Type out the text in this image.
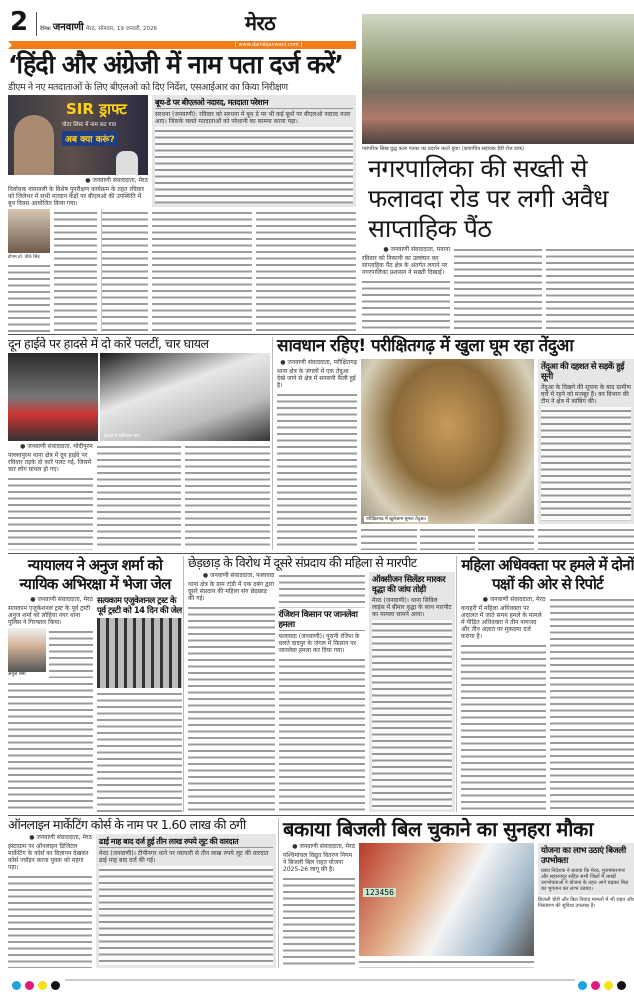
2 दैनिक जनवाणी मेरठ, सोमवार, 19 जनवरी, 2026	मेरठ
[ www.dainikjanwani.com ]
‘हिंदी और अंग्रेजी में नाम पता दर्ज करें’
डीएम ने नए मतदाताओं के लिए बीएलओ को दिए निर्देश, एसआईआर का किया निरीक्षण
SIR ड्राफ्ट
वोटर लिस्ट में नाम कट गया
अब क्या करूं?
● जनवाणी संवाददाता, मेरठ
निर्वाचक नामावली के विशेष पुनरीक्षण कार्यक्रम के तहत रविवार को जिलेभर में सभी मतदान केंद्रों पर बीएलओ की उपस्थिति में बूथ दिवस आयोजित किया गया।
डीएम डॉ. वीके सिंह
बूथ-डे पर बीएलओ नदारद, मतदाता परेशान
सरधना (जनवाणी): रविवार को सरधना में बूथ डे पर भी कई बूथों पर बीएलओ नदारद नजर आए। जिसके चलते मतदाताओं को परेशानी का सामना करना पड़ा।
पारंपरिक सिख युद्ध कला गतका का प्रदर्शन करते युवा। (छायाचित्र सहायक हैडी रोज डाक)
नगरपालिका की सख्ती से फलावदा रोड पर लगी अवैध साप्ताहिक पैंठ
● जनवाणी संवाददाता, मवाना
रविवार को निकायी का उल्लंघन कर साप्ताहिक पैंठ क्षेत्र के अंतर्गत लगाने पर नगरपालिका प्रशासन ने सख्ती दिखाई।
दून हाईवे पर हादसे में दो कारें पलटीं, चार घायल
हादसे में क्षतिग्रस्त कार
● जनवाणी संवाददाता, मोदीपुरम
पल्लवपुरम थाना क्षेत्र में दून हाईवे पर रविवार तड़के दो कारें पलट गईं, जिसमें चार लोग घायल हो गए।
सावधान रहिए! परीक्षितगढ़ में खुला घूम रहा तेंदुआ
● जनवाणी संवाददाता, परीक्षितगढ़
थाना क्षेत्र के जंगलों में एक तेंदुआ देखे जाने से क्षेत्र में सनसनी फैली हुई है।
परीक्षितगढ़ में खुलेआम घूमता तेंदुआ।
तेंदुआ की दहशत से सड़कें हुई सूनी
तेंदुआ के दिखने की सूचना के बाद ग्रामीण घरों में रहने को मजबूर हैं। वन विभाग की टीम ने क्षेत्र में कांबिंग की।
न्यायालय ने अनुज शर्मा को न्यायिक अभिरक्षा में भेजा जेल
● जनवाणी संवाददाता, मेरठ
सत्यकाम एजुकेशनल ट्रस्ट के पूर्व ट्रस्टी अनुज शर्मा को लोहिया नगर थाना पुलिस ने गिरफ्तार किया।
अनुज शर्मा
सत्यकाम एजुकेशनल ट्रस्ट के पूर्व ट्रस्टी को 14 दिन की जेल
छेड़छाड़ के विरोध में दूसरे संप्रदाय की महिला से मारपीट
● जनवाणी संवाददाता, फलावदा
थाना क्षेत्र के ग्राम टांडी में एक दबंग द्वारा दूसरे संप्रदाय की महिला संग छेड़छाड़ की गई।
रंजिशन किसान पर जानलेवा हमला
फलावदा (जनवाणी)। पुरानी रंजिश के चलते दादपुर के जंगल में किसान पर जानलेवा हमला कर दिया गया।
ऑक्सीजन सिलेंडर मारकर वृद्धा की जांघ तोड़ी
मेरठ (जनवाणी)। थाना सिविल लाइंस में बीमार वृद्धा के साथ मारपीट का मामला सामने आया।
महिला अधिवक्ता पर हमले में दोनों पक्षों की ओर से रिपोर्ट
● जनवाणी संवाददाता, मेरठ
कचहरी में महिला अधिवक्ता पर अदालत में जाते समय हमले के मामले में पीड़ित अधिवक्ता ने तीन नामजद और तीन अज्ञात पर मुकदमा दर्ज कराया है।
ऑनलाइन मार्केटिंग कोर्स के नाम पर 1.60 लाख की ठगी
● जनवाणी संवाददाता, मेरठ
इंस्टाग्राम पर ऑनलाइन डिजिटल मार्केटिंग के कोर्स का विज्ञापन देखकर कोर्स ज्वॉइन करना युवक को महंगा पड़ा।
ढाई माह बाद दर्ज हुई तीन लाख रुपये लूट की वारदात
मेरठ (जनवाणी)। टीपीनगर थाने पर व्यापारी से तीन लाख रुपये लूट की वारदात ढाई माह बाद दर्ज की गई।
बकाया बिजली बिल चुकाने का सुनहरा मौका
● जनवाणी संवाददाता, मेरठ
पश्चिमांचल विद्युत वितरण निगम ने बिजली बिल राहत योजना 2025-26 लागू की है।
123456
योजना का लाभ उठाएं बिजली उपभोक्ता
प्रबंध निदेशक ने बताया कि मेरठ, मुजफ्फरनगर और सहारनपुर सहित सभी जिलों में लाखों उपभोक्ताओं ने योजना के तहत आगे बढ़कर बिल का भुगतान कर लाभ उठाया।
बिजली चोरी और बिल विवाद मामलों में भी राहत और निस्तारण की सुविधा उपलब्ध है।
